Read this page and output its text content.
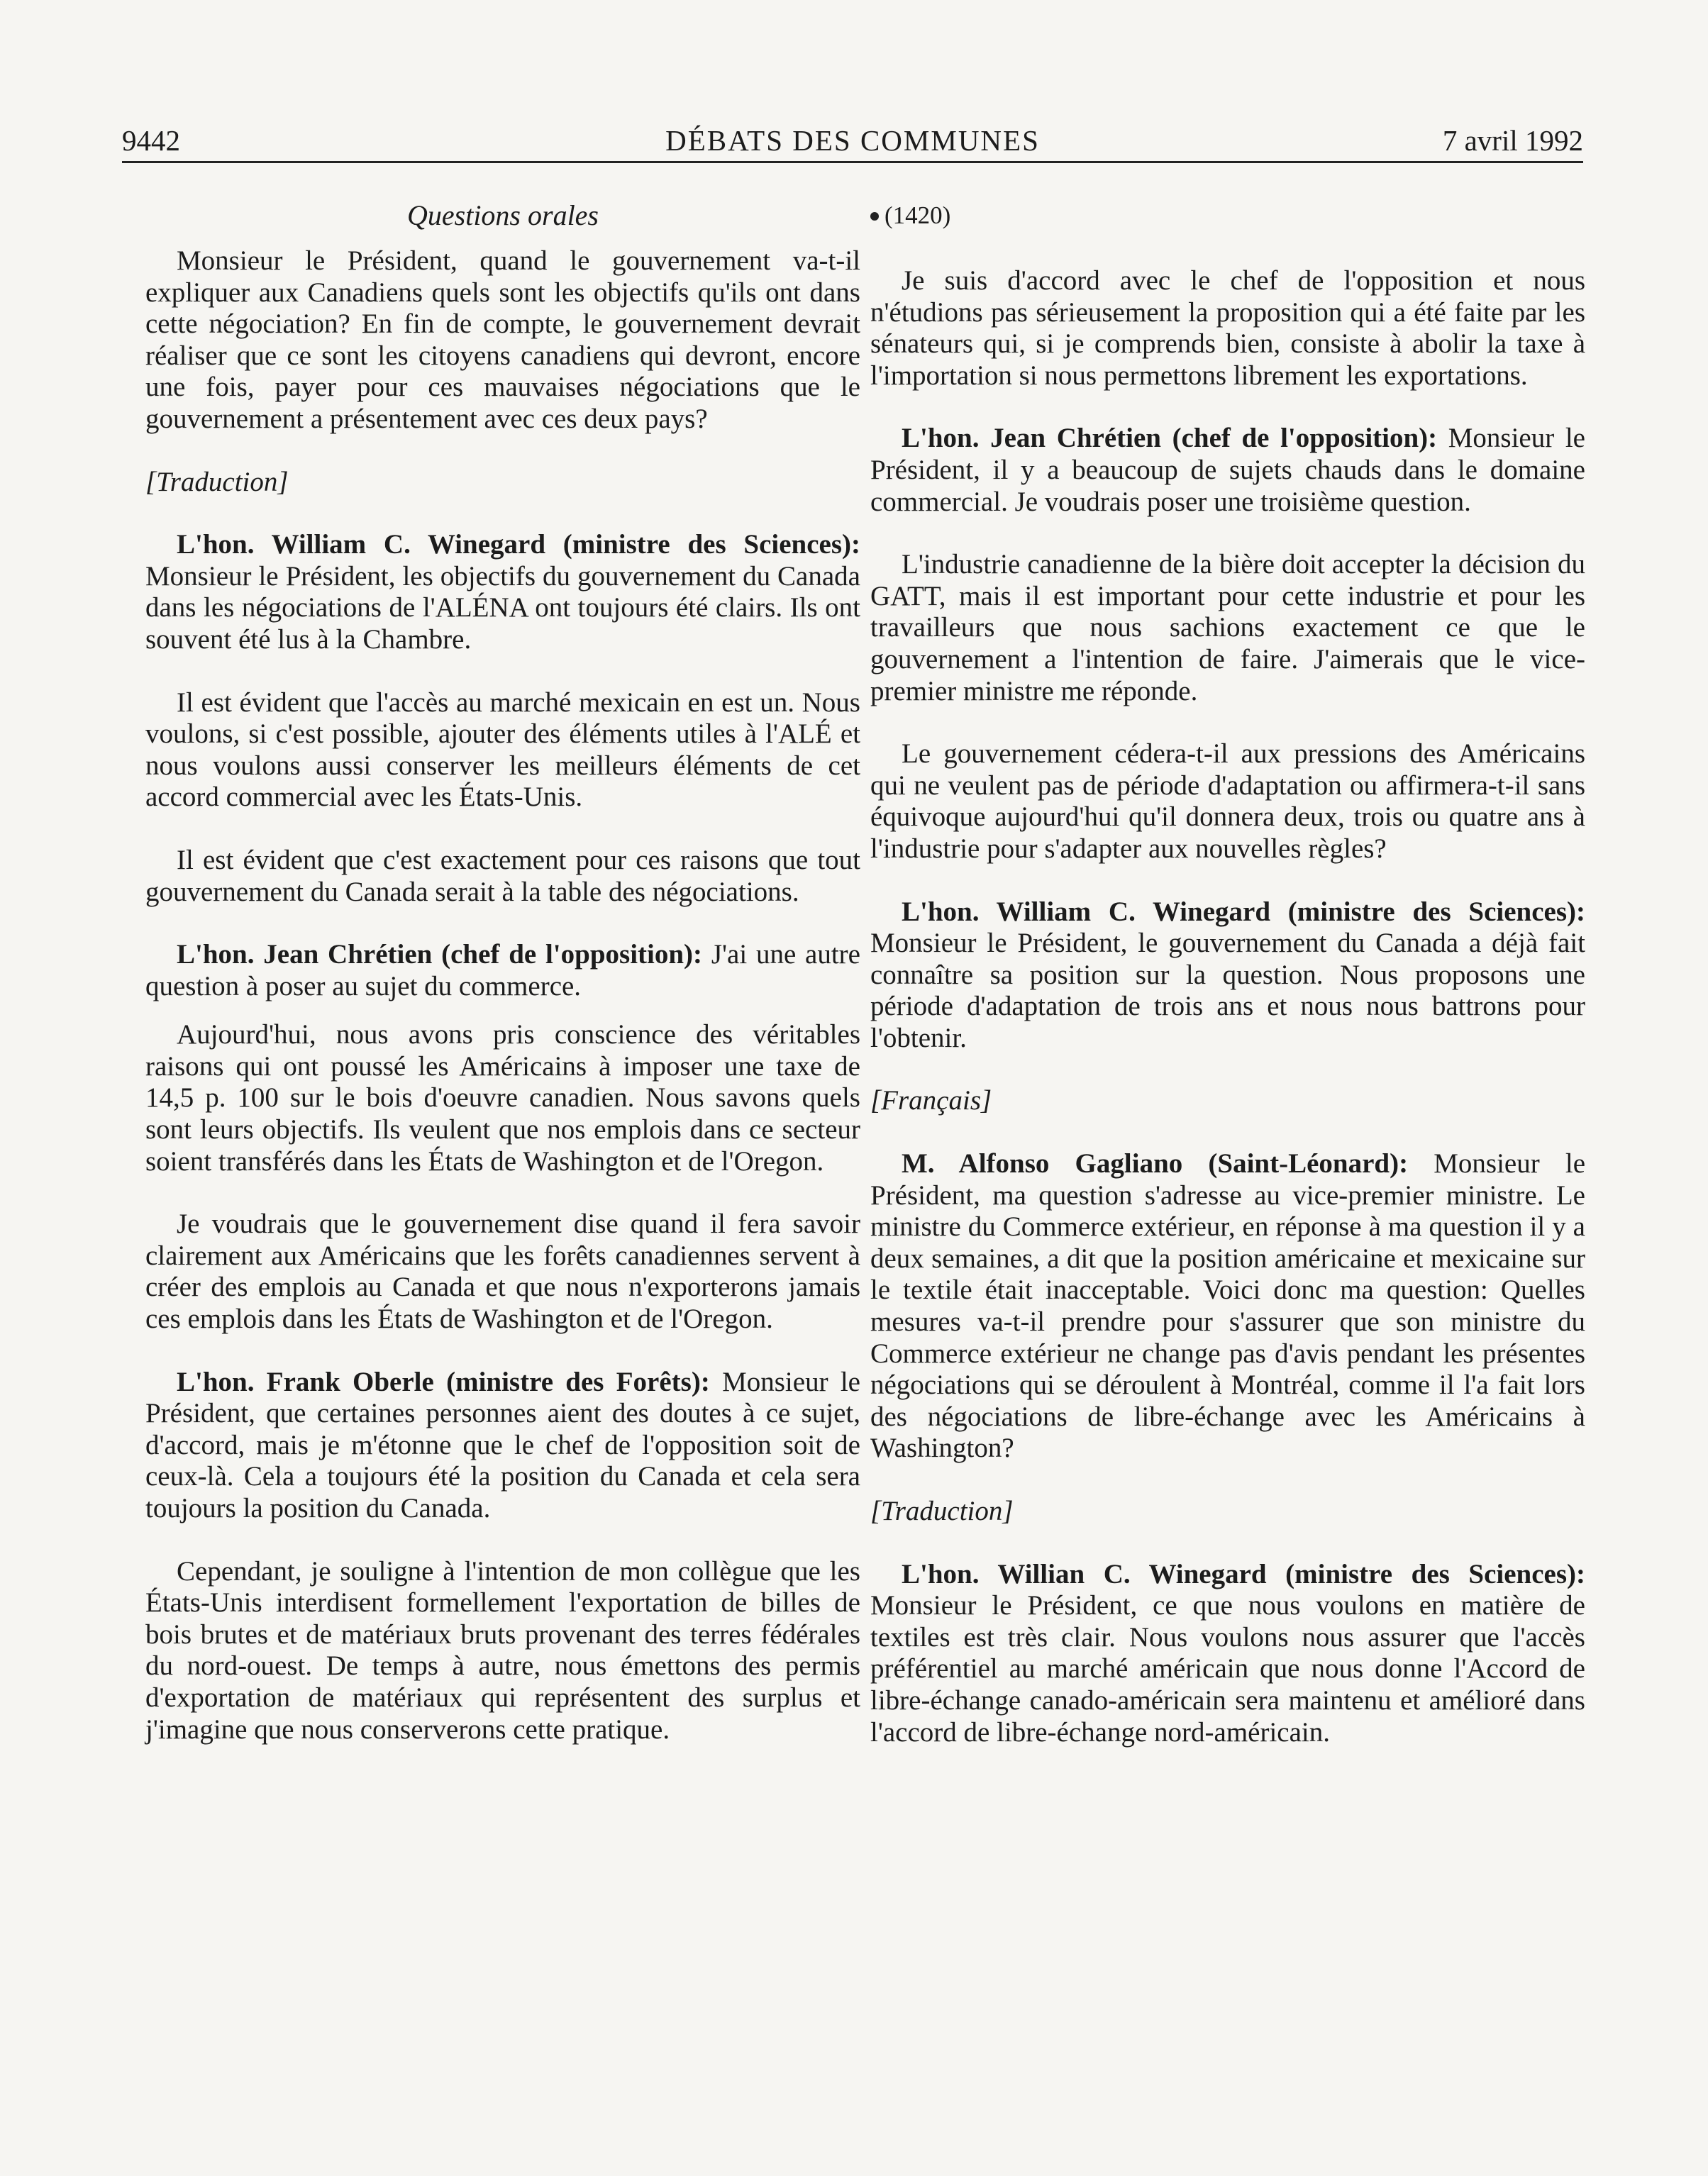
9442	DÉBATS DES COMMUNES	7 avril 1992
Questions orales

Monsieur le Président, quand le gouvernement va-t-il expliquer aux Canadiens quels sont les objectifs qu'ils ont dans cette négociation? En fin de compte, le gouvernement devrait réaliser que ce sont les citoyens canadiens qui devront, encore une fois, payer pour ces mauvaises négociations que le gouvernement a présentement avec ces deux pays?

[Traduction]

L'hon. William C. Winegard (ministre des Sciences): Monsieur le Président, les objectifs du gouvernement du Canada dans les négociations de l'ALÉNA ont toujours été clairs. Ils ont souvent été lus à la Chambre.

Il est évident que l'accès au marché mexicain en est un. Nous voulons, si c'est possible, ajouter des éléments utiles à l'ALÉ et nous voulons aussi conserver les meilleurs éléments de cet accord commercial avec les États-Unis.

Il est évident que c'est exactement pour ces raisons que tout gouvernement du Canada serait à la table des négociations.

L'hon. Jean Chrétien (chef de l'opposition): J'ai une autre question à poser au sujet du commerce.

Aujourd'hui, nous avons pris conscience des véritables raisons qui ont poussé les Américains à imposer une taxe de 14,5 p. 100 sur le bois d'oeuvre canadien. Nous savons quels sont leurs objectifs. Ils veulent que nos emplois dans ce secteur soient transférés dans les États de Washington et de l'Oregon.

Je voudrais que le gouvernement dise quand il fera savoir clairement aux Américains que les forêts canadiennes servent à créer des emplois au Canada et que nous n'exporterons jamais ces emplois dans les États de Washington et de l'Oregon.

L'hon. Frank Oberle (ministre des Forêts): Monsieur le Président, que certaines personnes aient des doutes à ce sujet, d'accord, mais je m'étonne que le chef de l'opposition soit de ceux-là. Cela a toujours été la position du Canada et cela sera toujours la position du Canada.

Cependant, je souligne à l'intention de mon collègue que les États-Unis interdisent formellement l'exportation de billes de bois brutes et de matériaux bruts provenant des terres fédérales du nord-ouest. De temps à autre, nous émettons des permis d'exportation de matériaux qui représentent des surplus et j'imagine que nous conserverons cette pratique.

(1420)

Je suis d'accord avec le chef de l'opposition et nous n'étudions pas sérieusement la proposition qui a été faite par les sénateurs qui, si je comprends bien, consiste à abolir la taxe à l'importation si nous permettons librement les exportations.

L'hon. Jean Chrétien (chef de l'opposition): Monsieur le Président, il y a beaucoup de sujets chauds dans le domaine commercial. Je voudrais poser une troisième question.

L'industrie canadienne de la bière doit accepter la décision du GATT, mais il est important pour cette industrie et pour les travailleurs que nous sachions exactement ce que le gouvernement a l'intention de faire. J'aimerais que le vice-premier ministre me réponde.

Le gouvernement cédera-t-il aux pressions des Américains qui ne veulent pas de période d'adaptation ou affirmera-t-il sans équivoque aujourd'hui qu'il donnera deux, trois ou quatre ans à l'industrie pour s'adapter aux nouvelles règles?

L'hon. William C. Winegard (ministre des Sciences): Monsieur le Président, le gouvernement du Canada a déjà fait connaître sa position sur la question. Nous proposons une période d'adaptation de trois ans et nous nous battrons pour l'obtenir.

[Français]

M. Alfonso Gagliano (Saint-Léonard): Monsieur le Président, ma question s'adresse au vice-premier ministre. Le ministre du Commerce extérieur, en réponse à ma question il y a deux semaines, a dit que la position américaine et mexicaine sur le textile était inacceptable. Voici donc ma question: Quelles mesures va-t-il prendre pour s'assurer que son ministre du Commerce extérieur ne change pas d'avis pendant les présentes négociations qui se déroulent à Montréal, comme il l'a fait lors des négociations de libre-échange avec les Américains à Washington?

[Traduction]

L'hon. Willian C. Winegard (ministre des Sciences): Monsieur le Président, ce que nous voulons en matière de textiles est très clair. Nous voulons nous assurer que l'accès préférentiel au marché américain que nous donne l'Accord de libre-échange canado-américain sera maintenu et amélioré dans l'accord de libre-échange nord-américain.
